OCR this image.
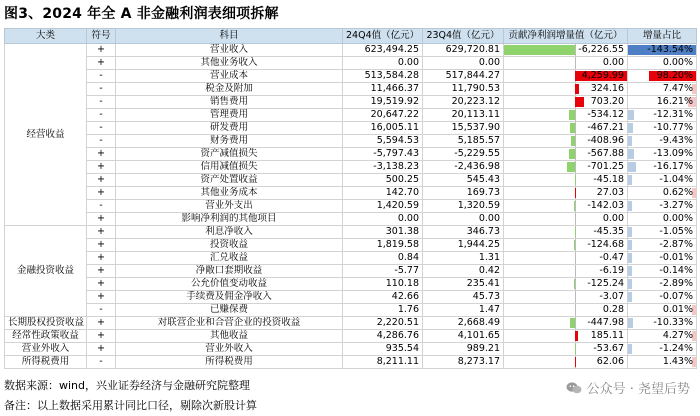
图3、2024 年全 A 非金融利润表细项拆解
大类	符号	科目	24Q4值（亿元）	23Q4值（亿元）	贡献净利润增量值（亿元）	增量占比
经营收益	+	营业收入	623,494.25	629,720.81	-6,226.55	-143.54%
	+	其他业务收入	0.00	0.00	0.00	0.00%
	-	营业成本	513,584.28	517,844.27	4,259.99	98.20%
	-	税金及附加	11,466.37	11,790.53	324.16	7.47%
	-	销售费用	19,519.92	20,223.12	703.20	16.21%
	-	管理费用	20,647.22	20,113.11	-534.12	-12.31%
	-	研发费用	16,005.11	15,537.90	-467.21	-10.77%
	-	财务费用	5,594.53	5,185.57	-408.96	-9.43%
	+	资产减值损失	-5,797.43	-5,229.55	-567.88	-13.09%
	+	信用减值损失	-3,138.23	-2,436.98	-701.25	-16.17%
	+	资产处置收益	500.25	545.43	-45.18	-1.04%
	+	其他业务成本	142.70	169.73	27.03	0.62%
	-	营业外支出	1,420.59	1,320.59	-142.03	-3.27%
	+	影响净利润的其他项目	0.00	0.00	0.00	0.00%
金融投资收益	+	利息净收入	301.38	346.73	-45.35	-1.05%
	+	投资收益	1,819.58	1,944.25	-124.68	-2.87%
	+	汇兑收益	0.84	1.31	-0.47	-0.01%
	+	净敞口套期收益	-5.77	0.42	-6.19	-0.14%
	+	公允价值变动收益	110.18	235.41	-125.24	-2.89%
	+	手续费及佣金净收入	42.66	45.73	-3.07	-0.07%
	-	已赚保费	1.76	1.47	0.28	0.01%
长期股权投资收益	+	对联营企业和合营企业的投资收益	2,220.51	2,668.49	-447.98	-10.33%
经常性政策收益	+	其他收益	4,286.76	4,101.65	185.11	4.27%
营业外收入	+	营业外收入	935.54	989.21	-53.67	-1.24%
所得税费用	-	所得税费用	8,211.11	8,273.17	62.06	1.43%
数据来源：wind，兴业证券经济与金融研究院整理
备注：以上数据采用累计同比口径，剔除次新股计算
公众号 · 尧望后势
